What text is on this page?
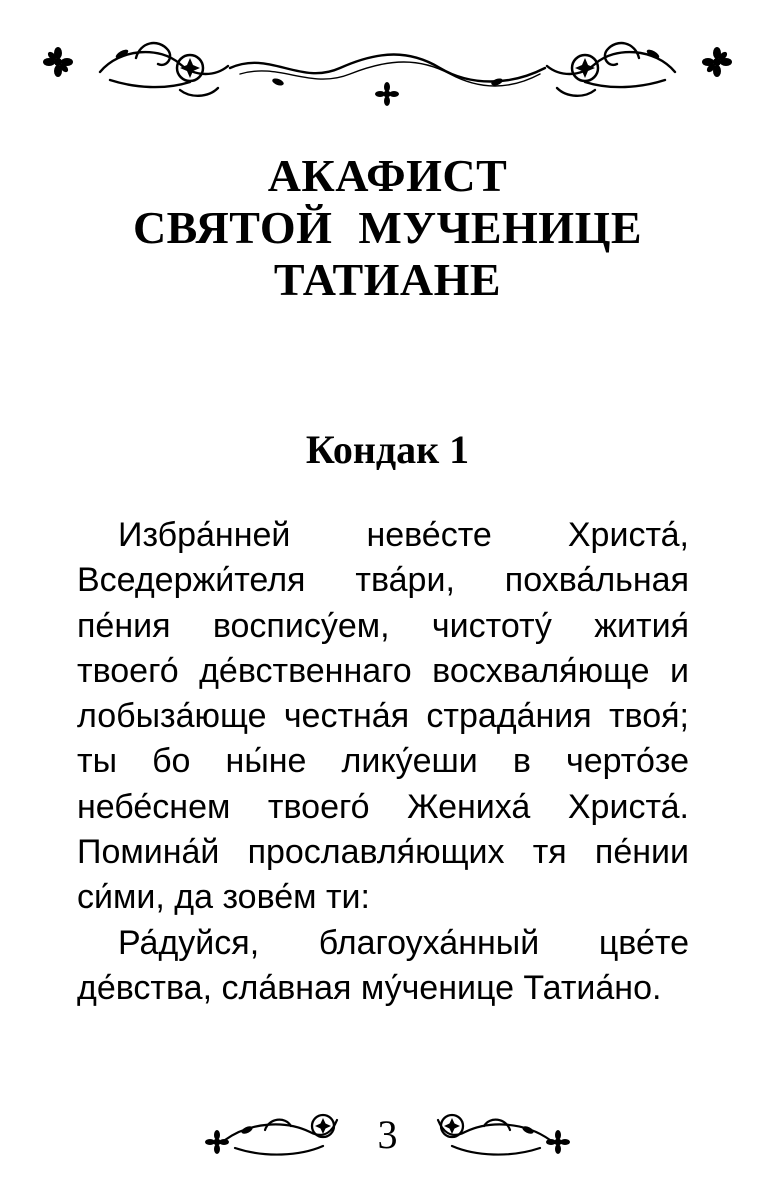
АКАФИСТ
СВЯТОЙ МУЧЕНИЦЕ
ТАТИАНЕ
Кондак 1

Избра́нней неве́сте Христа́, Вседержи́теля тва́ри, похва́льная пе́ния воспису́ем, чистоту́ жития́ твоего́ де́вственнаго восхваля́юще и лобыза́юще честна́я страда́ния твоя́; ты бо ны́не лику́еши в черто́зе небе́снем твоего́ Жениха́ Христа́. Помина́й прославля́ющих тя пе́нии си́ми, да зове́м ти:

Ра́дуйся, благоуха́нный цве́те де́вства, сла́вная му́ченице Татиа́но.

3
